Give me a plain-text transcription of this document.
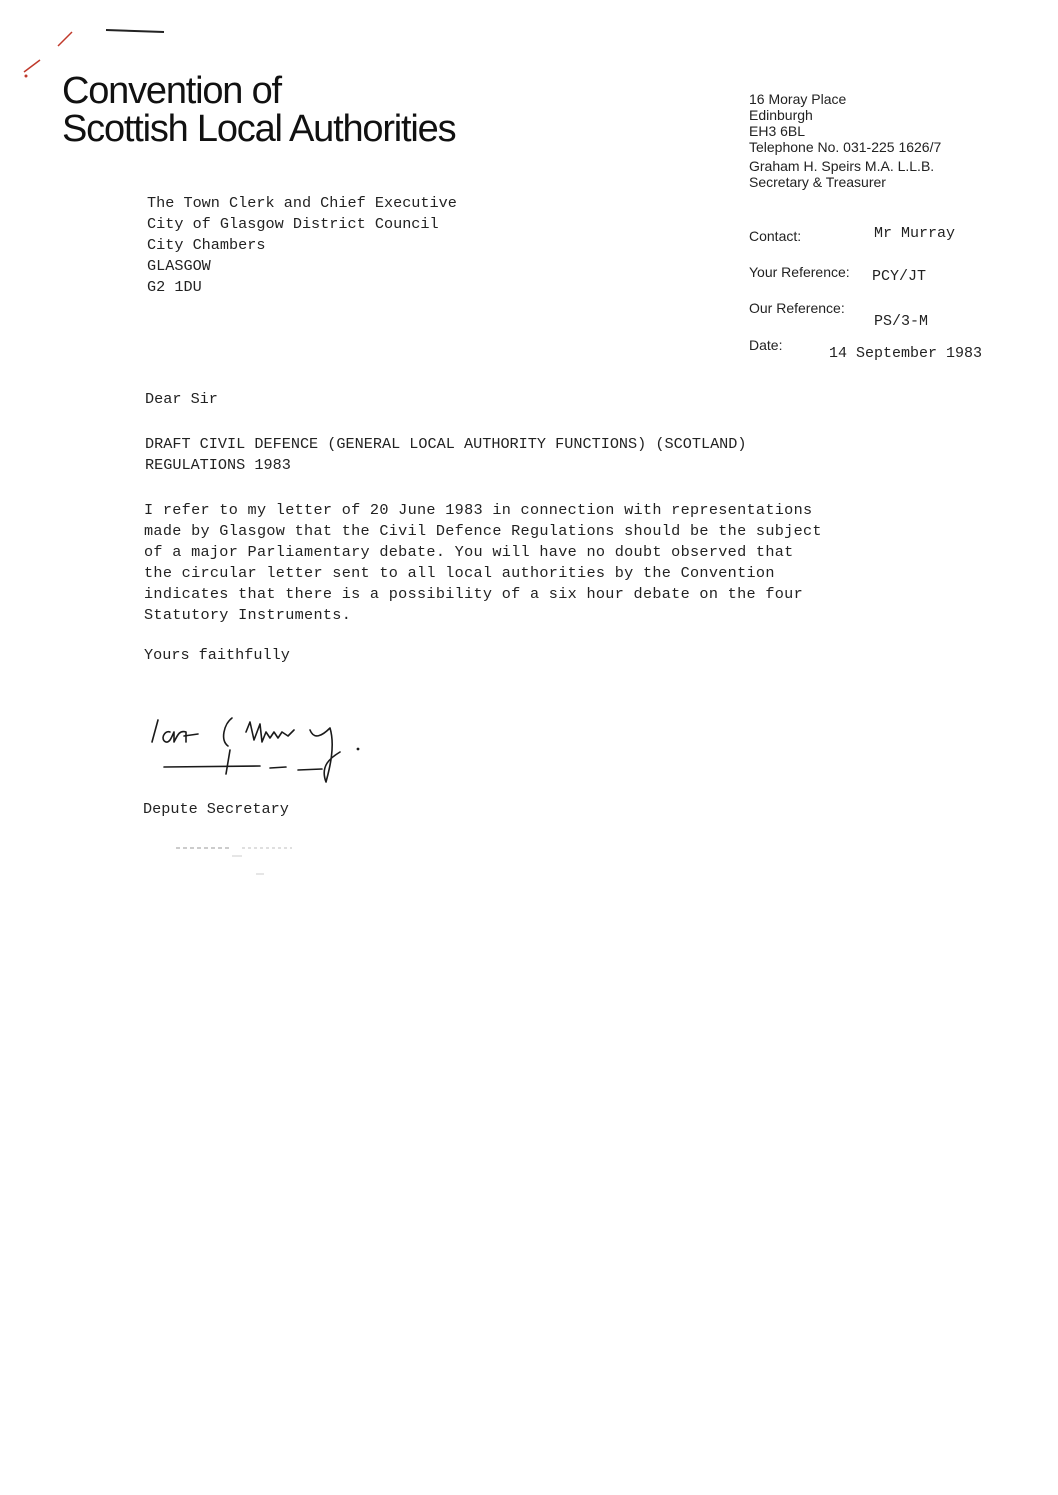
Convention of
Scottish Local Authorities
16 Moray Place
Edinburgh
EH3 6BL
Telephone No. 031-225 1626/7
Graham H. Speirs M.A. L.L.B.
Secretary & Treasurer
Contact:	Mr Murray
Your Reference: PCY/JT
Our Reference:
PS/3-M
Date:	14 September 1983
The Town Clerk and Chief Executive
City of Glasgow District Council
City Chambers
GLASGOW
G2 1DU
Dear Sir
DRAFT CIVIL DEFENCE (GENERAL LOCAL AUTHORITY FUNCTIONS) (SCOTLAND)
REGULATIONS 1983
I refer to my letter of 20 June 1983 in connection with representations
made by Glasgow that the Civil Defence Regulations should be the subject
of a major Parliamentary debate. You will have no doubt observed that
the circular letter sent to all local authorities by the Convention
indicates that there is a possibility of a six hour debate on the four
Statutory Instruments.
Yours faithfully
Depute Secretary
